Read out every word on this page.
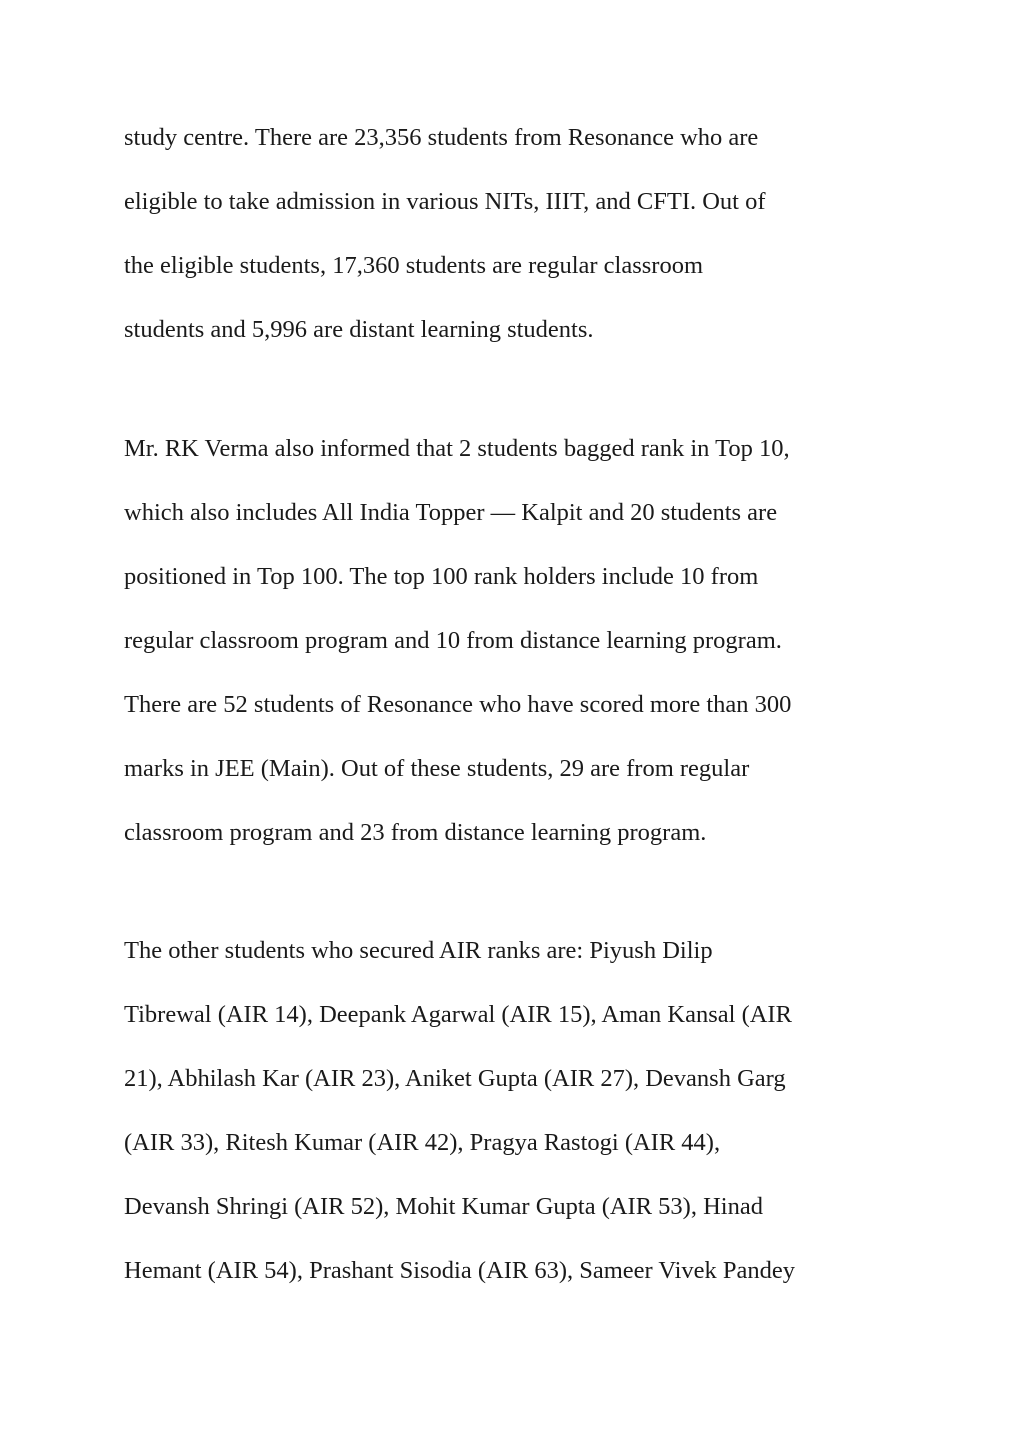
study centre. There are 23,356 students from Resonance who are

eligible to take admission in various NITs, IIIT, and CFTI. Out of

the eligible students, 17,360 students are regular classroom

students and 5,996 are distant learning students.

Mr. RK Verma also informed that 2 students bagged rank in Top 10,

which also includes All India Topper — Kalpit and 20 students are

positioned in Top 100. The top 100 rank holders include 10 from

regular classroom program and 10 from distance learning program.

There are 52 students of Resonance who have scored more than 300

marks in JEE (Main). Out of these students, 29 are from regular

classroom program and 23 from distance learning program.

The other students who secured AIR ranks are: Piyush Dilip

Tibrewal (AIR 14), Deepank Agarwal (AIR 15), Aman Kansal (AIR

21), Abhilash Kar (AIR 23), Aniket Gupta (AIR 27), Devansh Garg

(AIR 33), Ritesh Kumar (AIR 42), Pragya Rastogi (AIR 44),

Devansh Shringi (AIR 52), Mohit Kumar Gupta (AIR 53), Hinad

Hemant (AIR 54), Prashant Sisodia (AIR 63), Sameer Vivek Pandey
